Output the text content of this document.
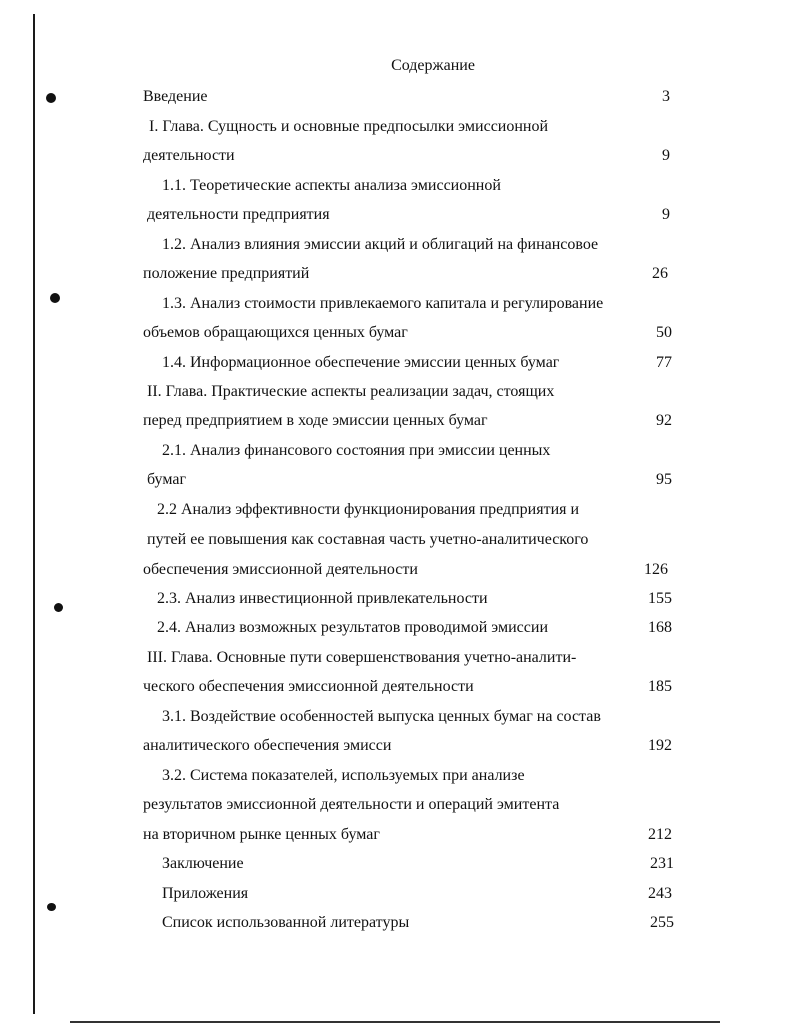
Содержание
Введение	3
I. Глава. Сущность и основные предпосылки эмиссионной
деятельности	9
1.1. Теоретические аспекты анализа эмиссионной
деятельности предприятия	9
1.2. Анализ влияния эмиссии акций и облигаций на финансовое
положение предприятий	26
1.3. Анализ стоимости привлекаемого капитала и регулирование
объемов обращающихся ценных бумаг	50
1.4. Информационное обеспечение эмиссии ценных бумаг	77
II. Глава. Практические аспекты реализации задач, стоящих
перед предприятием в ходе эмиссии ценных бумаг	92
2.1. Анализ финансового состояния при эмиссии ценных
бумаг	95
2.2 Анализ эффективности функционирования предприятия и
путей ее повышения как составная часть учетно-аналитического
обеспечения эмиссионной деятельности	126
2.3. Анализ инвестиционной привлекательности	155
2.4. Анализ возможных результатов проводимой эмиссии	168
III. Глава. Основные пути совершенствования учетно-аналити-
ческого обеспечения эмиссионной деятельности	185
3.1. Воздействие особенностей выпуска ценных бумаг на состав
аналитического обеспечения эмисси	192
3.2. Система показателей, используемых при анализе
результатов эмиссионной деятельности и операций эмитента
на вторичном рынке ценных бумаг	212
Заключение	231
Приложения	243
Список использованной литературы	255
